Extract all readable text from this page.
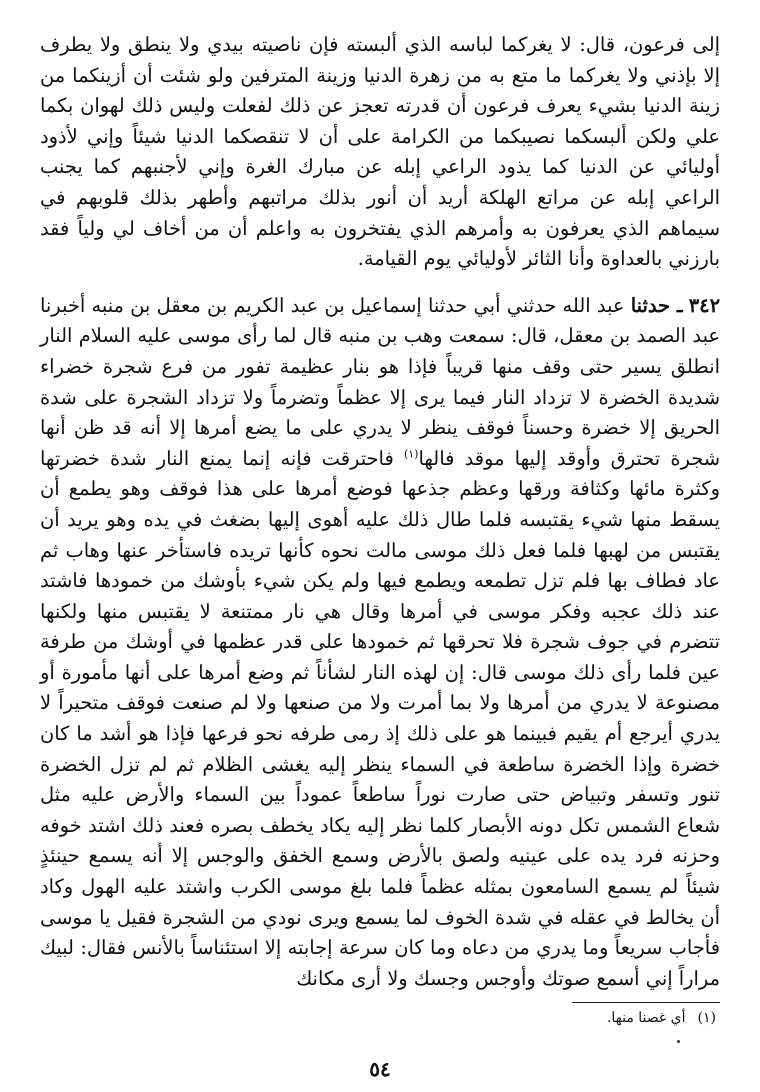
إلى فرعون، قال: لا يغركما لباسه الذي ألبسته فإن ناصيته بيدي ولا ينطق ولا يطرف إلا بإذني ولا يغركما ما متع به من زهرة الدنيا وزينة المترفين ولو شئت أن أزينكما من زينة الدنيا بشيء يعرف فرعون أن قدرته تعجز عن ذلك لفعلت وليس ذلك لهوان بكما علي ولكن ألبسكما نصيبكما من الكرامة على أن لا تنقصكما الدنيا شيئاً وإني لأذود أوليائي عن الدنيا كما يذود الراعي إبله عن مبارك الغرة وإني لأجنبهم كما يجنب الراعي إبله عن مراتع الهلكة أريد أن أنور بذلك مراتبهم وأطهر بذلك قلوبهم في سيماهم الذي يعرفون به وأمرهم الذي يفتخرون به واعلم أن من أخاف لي ولياً فقد بارزني بالعداوة وأنا الثائر لأوليائي يوم القيامة.

٣٤٢ ـ حدثنا عبد الله حدثني أبي حدثنا إسماعيل بن عبد الكريم بن معقل بن منبه أخبرنا عبد الصمد بن معقل، قال: سمعت وهب بن منبه قال لما رأى موسى عليه السلام النار انطلق يسير حتى وقف منها قريباً فإذا هو بنار عظيمة تفور من فرع شجرة خضراء شديدة الخضرة لا تزداد النار فيما يرى إلا عظماً وتضرماً ولا تزداد الشجرة على شدة الحريق إلا خضرة وحسناً فوقف ينظر لا يدري على ما يضع أمرها إلا أنه قد ظن أنها شجرة تحترق وأوقد إليها موقد فالها$^{(١)}$ فاحترقت فإنه إنما يمنع النار شدة خضرتها وكثرة مائها وكثافة ورقها وعظم جذعها فوضع أمرها على هذا فوقف وهو يطمع أن يسقط منها شيء يقتبسه فلما طال ذلك عليه أهوى إليها بضغث في يده وهو يريد أن يقتبس من لهبها فلما فعل ذلك موسى مالت نحوه كأنها تريده فاستأخر عنها وهاب ثم عاد فطاف بها فلم تزل تطمعه ويطمع فيها ولم يكن شيء بأوشك من خمودها فاشتد عند ذلك عجبه وفكر موسى في أمرها وقال هي نار ممتنعة لا يقتبس منها ولكنها تتضرم في جوف شجرة فلا تحرقها ثم خمودها على قدر عظمها في أوشك من طرفة عين فلما رأى ذلك موسى قال: إن لهذه النار لشأناً ثم وضع أمرها على أنها مأمورة أو مصنوعة لا يدري من أمرها ولا بما أمرت ولا من صنعها ولا لم صنعت فوقف متحيراً لا يدري أيرجع أم يقيم فبينما هو على ذلك إذ رمى طرفه نحو فرعها فإذا هو أشد ما كان خضرة وإذا الخضرة ساطعة في السماء ينظر إليه يغشى الظلام ثم لم تزل الخضرة تنور وتسفر وتبياض حتى صارت نوراً ساطعاً عموداً بين السماء والأرض عليه مثل شعاع الشمس تكل دونه الأبصار كلما نظر إليه يكاد يخطف بصره فعند ذلك اشتد خوفه وحزنه فرد يده على عينيه ولصق بالأرض وسمع الخفق والوجس إلا أنه يسمع حينئذٍ شيئاً لم يسمع السامعون بمثله عظماً فلما بلغ موسى الكرب واشتد عليه الهول وكاد أن يخالط في عقله في شدة الخوف لما يسمع ويرى نودي من الشجرة فقيل يا موسى فأجاب سريعاً وما يدري من دعاه وما كان سرعة إجابته إلا استئناساً بالأنس فقال: لبيك مراراً إني أسمع صوتك وأوجس وجسك ولا أرى مكانك

(١)أي غصنا منها.
٥٤
